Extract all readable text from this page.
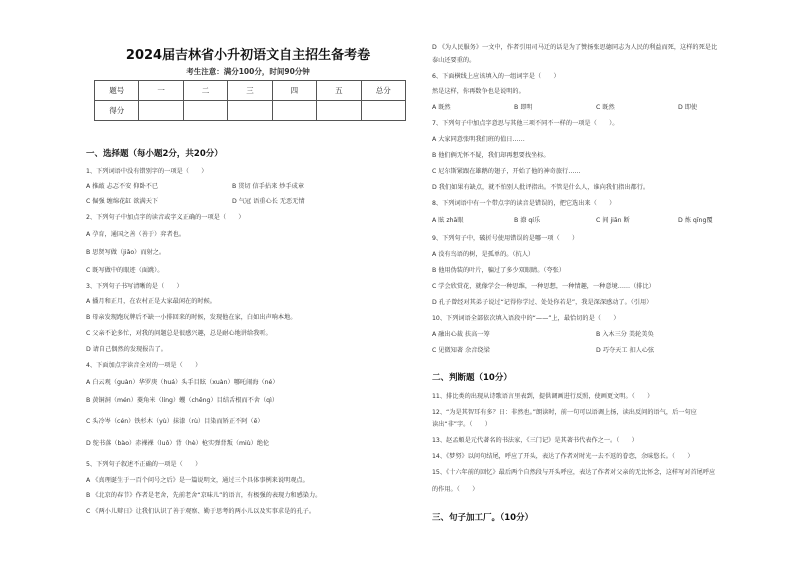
2024届吉林省小升初语文自主招生备考卷
考生注意：满分100分，时间90分钟
题号	一	二	三	四	五	总分
得分						
一、选择题（每小题2分，共20分）
1、下列词语中没有错别字的一项是（　　）
A 推敲 忐忑不安 仰卧不已	B 贯切 信手拈来 炒手成章
C 倔强 缠绵花缸 欲满天下	D 气冠 语重心长 无恶无情
2、下列句子中加点字的读音或字义正确的一项是（　　）
A 孕育，通国之善（善于）弈者也。
B 思贤写做（jiǎo）而射之。
C 既写做中的眼迹（面跳）。
3、下列句子书写清晰的是（　　）
A 播月和正月，在农村正是大家最闲在的时候。
B 母亲发现跑玩牌后不缺一小排回来的时候，发现他在家，白如出声响本地。
C 父亲不论多忙，对我的问题总是很感兴趣，总是耐心地讲给我听。
D 请自己偶然的发现报告了。
4、下面加点字读音全对的一项是（　　）
A 白云观（guàn）华罗庚（huá）头手目眩（xuàn）哪吒闹海（né）
B 黄铜洞（mén）菱角米（líng）蠼（chēng）目结舌根而不舍（qì）
C 头冷岑（cén）铁杉木（yù）抹漆（rù）目染而矫正不阿（ē）
D 鸵书落（bào）赤裸裸（luǒ）背（hè）枪实弹背叛（miù）绝伦
5、下列句子叙述不正确的一项是（　　）
A 《真理诞生于一百个问号之后》是一篇说明文，通过三个具体事例来说明观点。
B 《北京的春节》作者是老舍，先前老舍“京味儿”的语言，有极强的表现力和感染力。
C 《两小儿辩日》让我们认识了善于观察、勤于思考的两小儿以及实事求是的孔子。
D 《为人民服务》一文中，作者引用司马迁的话是为了赞扬张思德同志为人民的利益而死，这样的死是比
泰山还要重的。
6、下面横线上应该填入的一组词字是（　　）
然是这样，你再数争也是说明的。
A 既然	B 即明	C 既然	D 即使
7、下列句子中加点字意思与其他三项不同不一样的一项是（　　）。
A 大家同意张明我们班的值日……
B 他们俩无怀不疑，我们却再想要找坐标。
C 尼尔斯紧跟在雄鹅的翅子，开始了他的神奇旅行……
D 我们如果有缺点，就不怕别人批评指出。不管是什么人，谁向我们指出都行。
8、下列词语中有一个带点字的读音是错误的，把它选出来（　　）
A 眩 zhā眼	B 潦 qí乐	C 间 jiān 断	D 炼 qīng覆
9、下列句子中，破折号使用错误的是哪一项（　　）
A 没有鸟语的树，是孤单的。（抗人）
B 他用伪装的叶片，骗过了多少双眼睛。（夸张）
C 学会欣赏花，就像学会一种思维，一种思想，一种情趣，一种意境……（排比）
D 孔子曾经对其弟子说过“记得你学过、处处你若是”，我是深深感动了。（引用）
10、下列词语全部依次填入语段中的“——”上，最恰切的是（　　）
A 融出心裁 扶高一筹	B 入木三分 美轮美奂
C 见微知著 余音绕梁	D 巧夺天工 扣人心弦
二、判断题（10分）
11、排比类的出现从诗歌语言里表到，提供调画进行反照，使画更文明。（　　）
12、“为是其智耳有多？日：非然也。”朗读时，前一句可以语调上扬，读出反问的语气，后一句应
读出“非”字。（　　）
13、赵孟頫是元代著名的书法家，《三门记》是其著书代表作之一。（　　）
14、《梦努》以问句结尾，呼应了开头，表达了作者对时光一去不返的眷恋，余味悠长。（　　）
15、《十六年前的回忆》最后两个自然段与开头呼应，表达了作者对父亲的无比怀念，这样写对首尾呼应
的作用。（　　）
三、句子加工厂。（10分）
